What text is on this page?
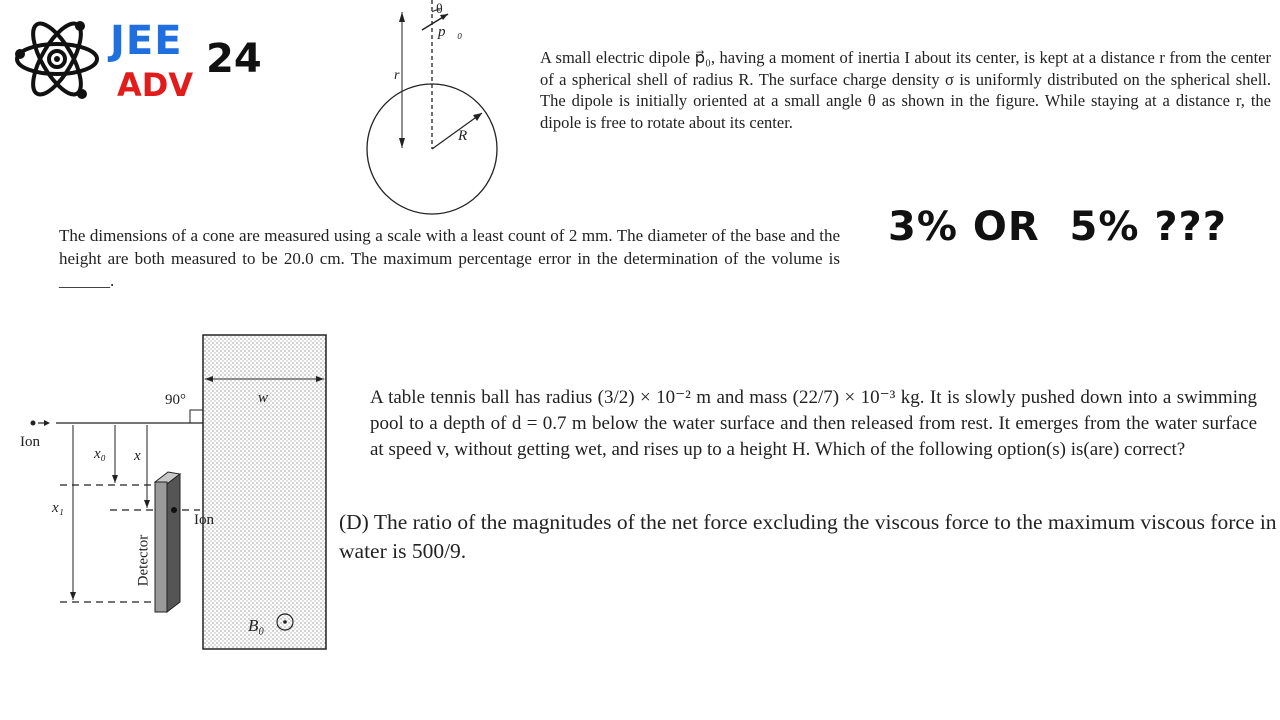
JEE
ADV
24
θ
p⃗₀
r
R
A small electric dipole p⃗₀, having a moment of inertia I about its center, is kept at a distance r from the center of a spherical shell of radius R. The surface charge density σ is uniformly distributed on the spherical shell. The dipole is initially oriented at a small angle θ as shown in the figure. While staying at a distance r, the dipole is free to rotate about its center.
The dimensions of a cone are measured using a scale with a least count of 2 mm. The diameter of the base and the height are both measured to be 20.0 cm. The maximum percentage error in the determination of the volume is ______.
3% OR  5% ???
90°	w
Ion
x₀ x
x₁
Detector
Ion
B₀
A table tennis ball has radius (3/2) × 10⁻² m and mass (22/7) × 10⁻³ kg. It is slowly pushed down into a swimming pool to a depth of d = 0.7 m below the water surface and then released from rest. It emerges from the water surface at speed v, without getting wet, and rises up to a height H. Which of the following option(s) is(are) correct?
(D) The ratio of the magnitudes of the net force excluding the viscous force to the maximum viscous force in water is 500/9.
